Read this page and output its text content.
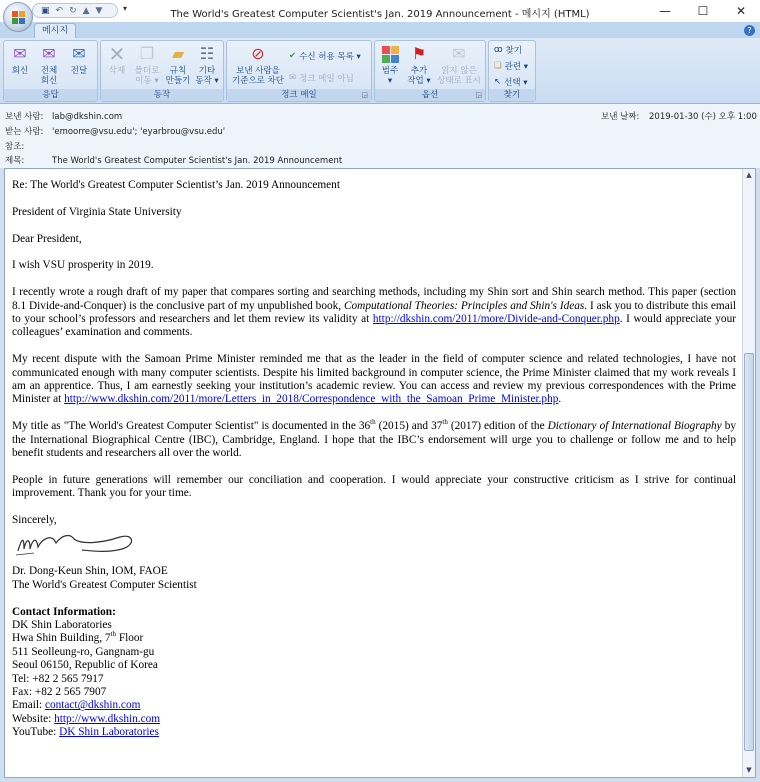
▣ ↶ ↻ ▲ ▼	▾
The World's Greatest Computer Scientist's Jan. 2019 Announcement - 메시지 (HTML)	—	☐	✕
메시지	?
✉
회신
✉
전체
회신
✉
전달
응답
✕
삭제
❐
폴더로
이동 ▾
▰
규칙
만들기
☷
기타
동작 ▾
동작
⊘
보낸 사람을
기준으로 차단
✔ 수신 허용 목록 ▾
✉ 정크 메일 아님
정크 메일	◲
범주
▾
⚑
추가
작업 ▾
✉
읽지 않은
상태로 표시
옵션	◲
ꝏ 찾기
❏ 관련 ▾
↖ 선택 ▾
찾기
보낸 사람: lab@dkshin.com
받는 사람: 'emoorre@vsu.edu'; 'eyarbrou@vsu.edu'
참조:
제목:	The World's Greatest Computer Scientist's Jan. 2019 Announcement
보낸 날짜: 2019-01-30 (수) 오후 1:00

Re: The World's Greatest Computer Scientist’s Jan. 2019 Announcement

President of Virginia State University

Dear President,

I wish VSU prosperity in 2019.

I recently wrote a rough draft of my paper that compares sorting and searching methods, including my Shin sort and Shin search method. This paper (section 8.1 Divide-and-Conquer) is the conclusive part of my unpublished book, Computational Theories: Principles and Shin's Ideas. I ask you to distribute this email to your school’s professors and researchers and let them review its validity at http://dkshin.com/2011/more/Divide-and-Conquer.php. I would appreciate your colleagues’ examination and comments.

My recent dispute with the Samoan Prime Minister reminded me that as the leader in the field of computer science and related technologies, I have not communicated enough with many computer scientists. Despite his limited background in computer science, the Prime Minister claimed that my work reveals I am an apprentice. Thus, I am earnestly seeking your institution’s academic review. You can access and review my previous correspondences with the Prime Minister at http://www.dkshin.com/2011/more/Letters_in_2018/Correspondence_with_the_Samoan_Prime_Minister.php.

My title as "The World's Greatest Computer Scientist" is documented in the 36th (2015) and 37th (2017) edition of the Dictionary of International Biography by the International Biographical Centre (IBC), Cambridge, England. I hope that the IBC’s endorsement will urge you to challenge or follow me and to help benefit students and researchers all over the world.

People in future generations will remember our conciliation and cooperation. I would appreciate your constructive criticism as I strive for continual improvement. Thank you for your time.

Sincerely,

Dr. Dong-Keun Shin, IOM, FAOE

The World's Greatest Computer Scientist

Contact Information:
DK Shin Laboratories
Hwa Shin Building, 7th Floor
511 Seolleung-ro, Gangnam-gu
Seoul 06150, Republic of Korea
Tel: +82 2 565 7917
Fax: +82 2 565 7907
Email: contact@dkshin.com
Website: http://www.dkshin.com
YouTube: DK Shin Laboratories
▲
▼
